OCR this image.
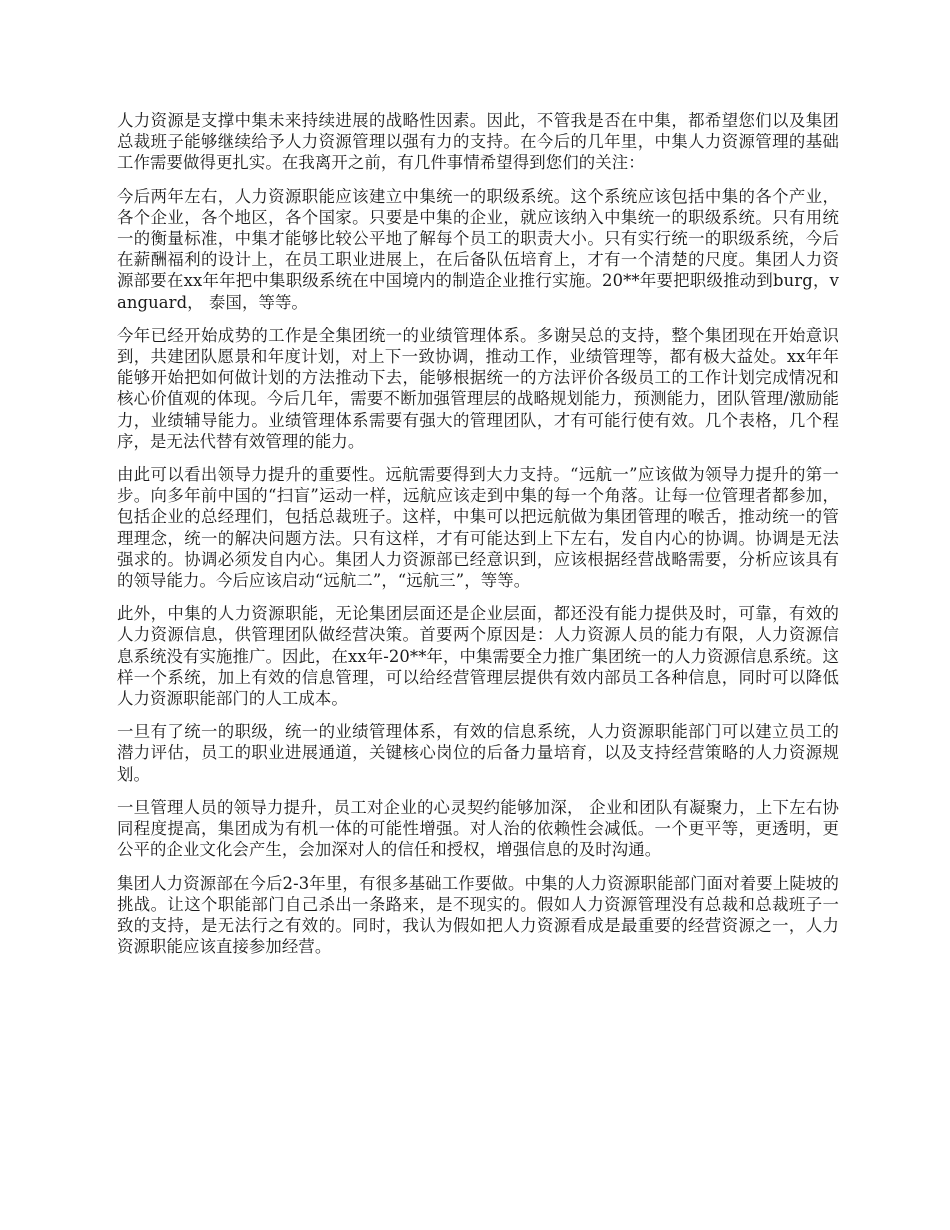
人力资源是支撑中集未来持续进展的战略性因素。因此，不管我是否在中集，都希望您们以及集团总裁班子能够继续给予人力资源管理以强有力的支持。在今后的几年里，中集人力资源管理的基础工作需要做得更扎实。在我离开之前，有几件事情希望得到您们的关注：

今后两年左右，人力资源职能应该建立中集统一的职级系统。这个系统应该包括中集的各个产业，各个企业，各个地区，各个国家。只要是中集的企业，就应该纳入中集统一的职级系统。只有用统一的衡量标准，中集才能够比较公平地了解每个员工的职责大小。只有实行统一的职级系统，今后在薪酬福利的设计上，在员工职业进展上，在后备队伍培育上，才有一个清楚的尺度。集团人力资源部要在xx年年把中集职级系统在中国境内的制造企业推行实施。20**年要把职级推动到burg，vanguard， 泰国，等等。

今年已经开始成势的工作是全集团统一的业绩管理体系。多谢吴总的支持，整个集团现在开始意识到，共建团队愿景和年度计划，对上下一致协调，推动工作，业绩管理等，都有极大益处。xx年年能够开始把如何做计划的方法推动下去，能够根据统一的方法评价各级员工的工作计划完成情况和核心价值观的体现。今后几年，需要不断加强管理层的战略规划能力，预测能力，团队管理/激励能力，业绩辅导能力。业绩管理体系需要有强大的管理团队，才有可能行使有效。几个表格，几个程序，是无法代替有效管理的能力。

由此可以看出领导力提升的重要性。远航需要得到大力支持。“远航一”应该做为领导力提升的第一步。向多年前中国的“扫盲”运动一样，远航应该走到中集的每一个角落。让每一位管理者都参加，包括企业的总经理们，包括总裁班子。这样，中集可以把远航做为集团管理的喉舌，推动统一的管理理念，统一的解决问题方法。只有这样，才有可能达到上下左右，发自内心的协调。协调是无法强求的。协调必须发自内心。集团人力资源部已经意识到，应该根据经营战略需要，分析应该具有的领导能力。今后应该启动“远航二”，“远航三”，等等。

此外，中集的人力资源职能，无论集团层面还是企业层面，都还没有能力提供及时，可靠，有效的人力资源信息，供管理团队做经营决策。首要两个原因是：人力资源人员的能力有限，人力资源信息系统没有实施推广。因此，在xx年-20**年，中集需要全力推广集团统一的人力资源信息系统。这样一个系统，加上有效的信息管理，可以给经营管理层提供有效内部员工各种信息，同时可以降低人力资源职能部门的人工成本。

一旦有了统一的职级，统一的业绩管理体系，有效的信息系统，人力资源职能部门可以建立员工的潜力评估，员工的职业进展通道，关键核心岗位的后备力量培育，以及支持经营策略的人力资源规划。

一旦管理人员的领导力提升，员工对企业的心灵契约能够加深， 企业和团队有凝聚力，上下左右协同程度提高，集团成为有机一体的可能性增强。对人治的依赖性会减低。一个更平等，更透明，更公平的企业文化会产生，会加深对人的信任和授权，增强信息的及时沟通。

集团人力资源部在今后2-3年里，有很多基础工作要做。中集的人力资源职能部门面对着要上陡坡的挑战。让这个职能部门自己杀出一条路来，是不现实的。假如人力资源管理没有总裁和总裁班子一致的支持，是无法行之有效的。同时，我认为假如把人力资源看成是最重要的经营资源之一，人力资源职能应该直接参加经营。
